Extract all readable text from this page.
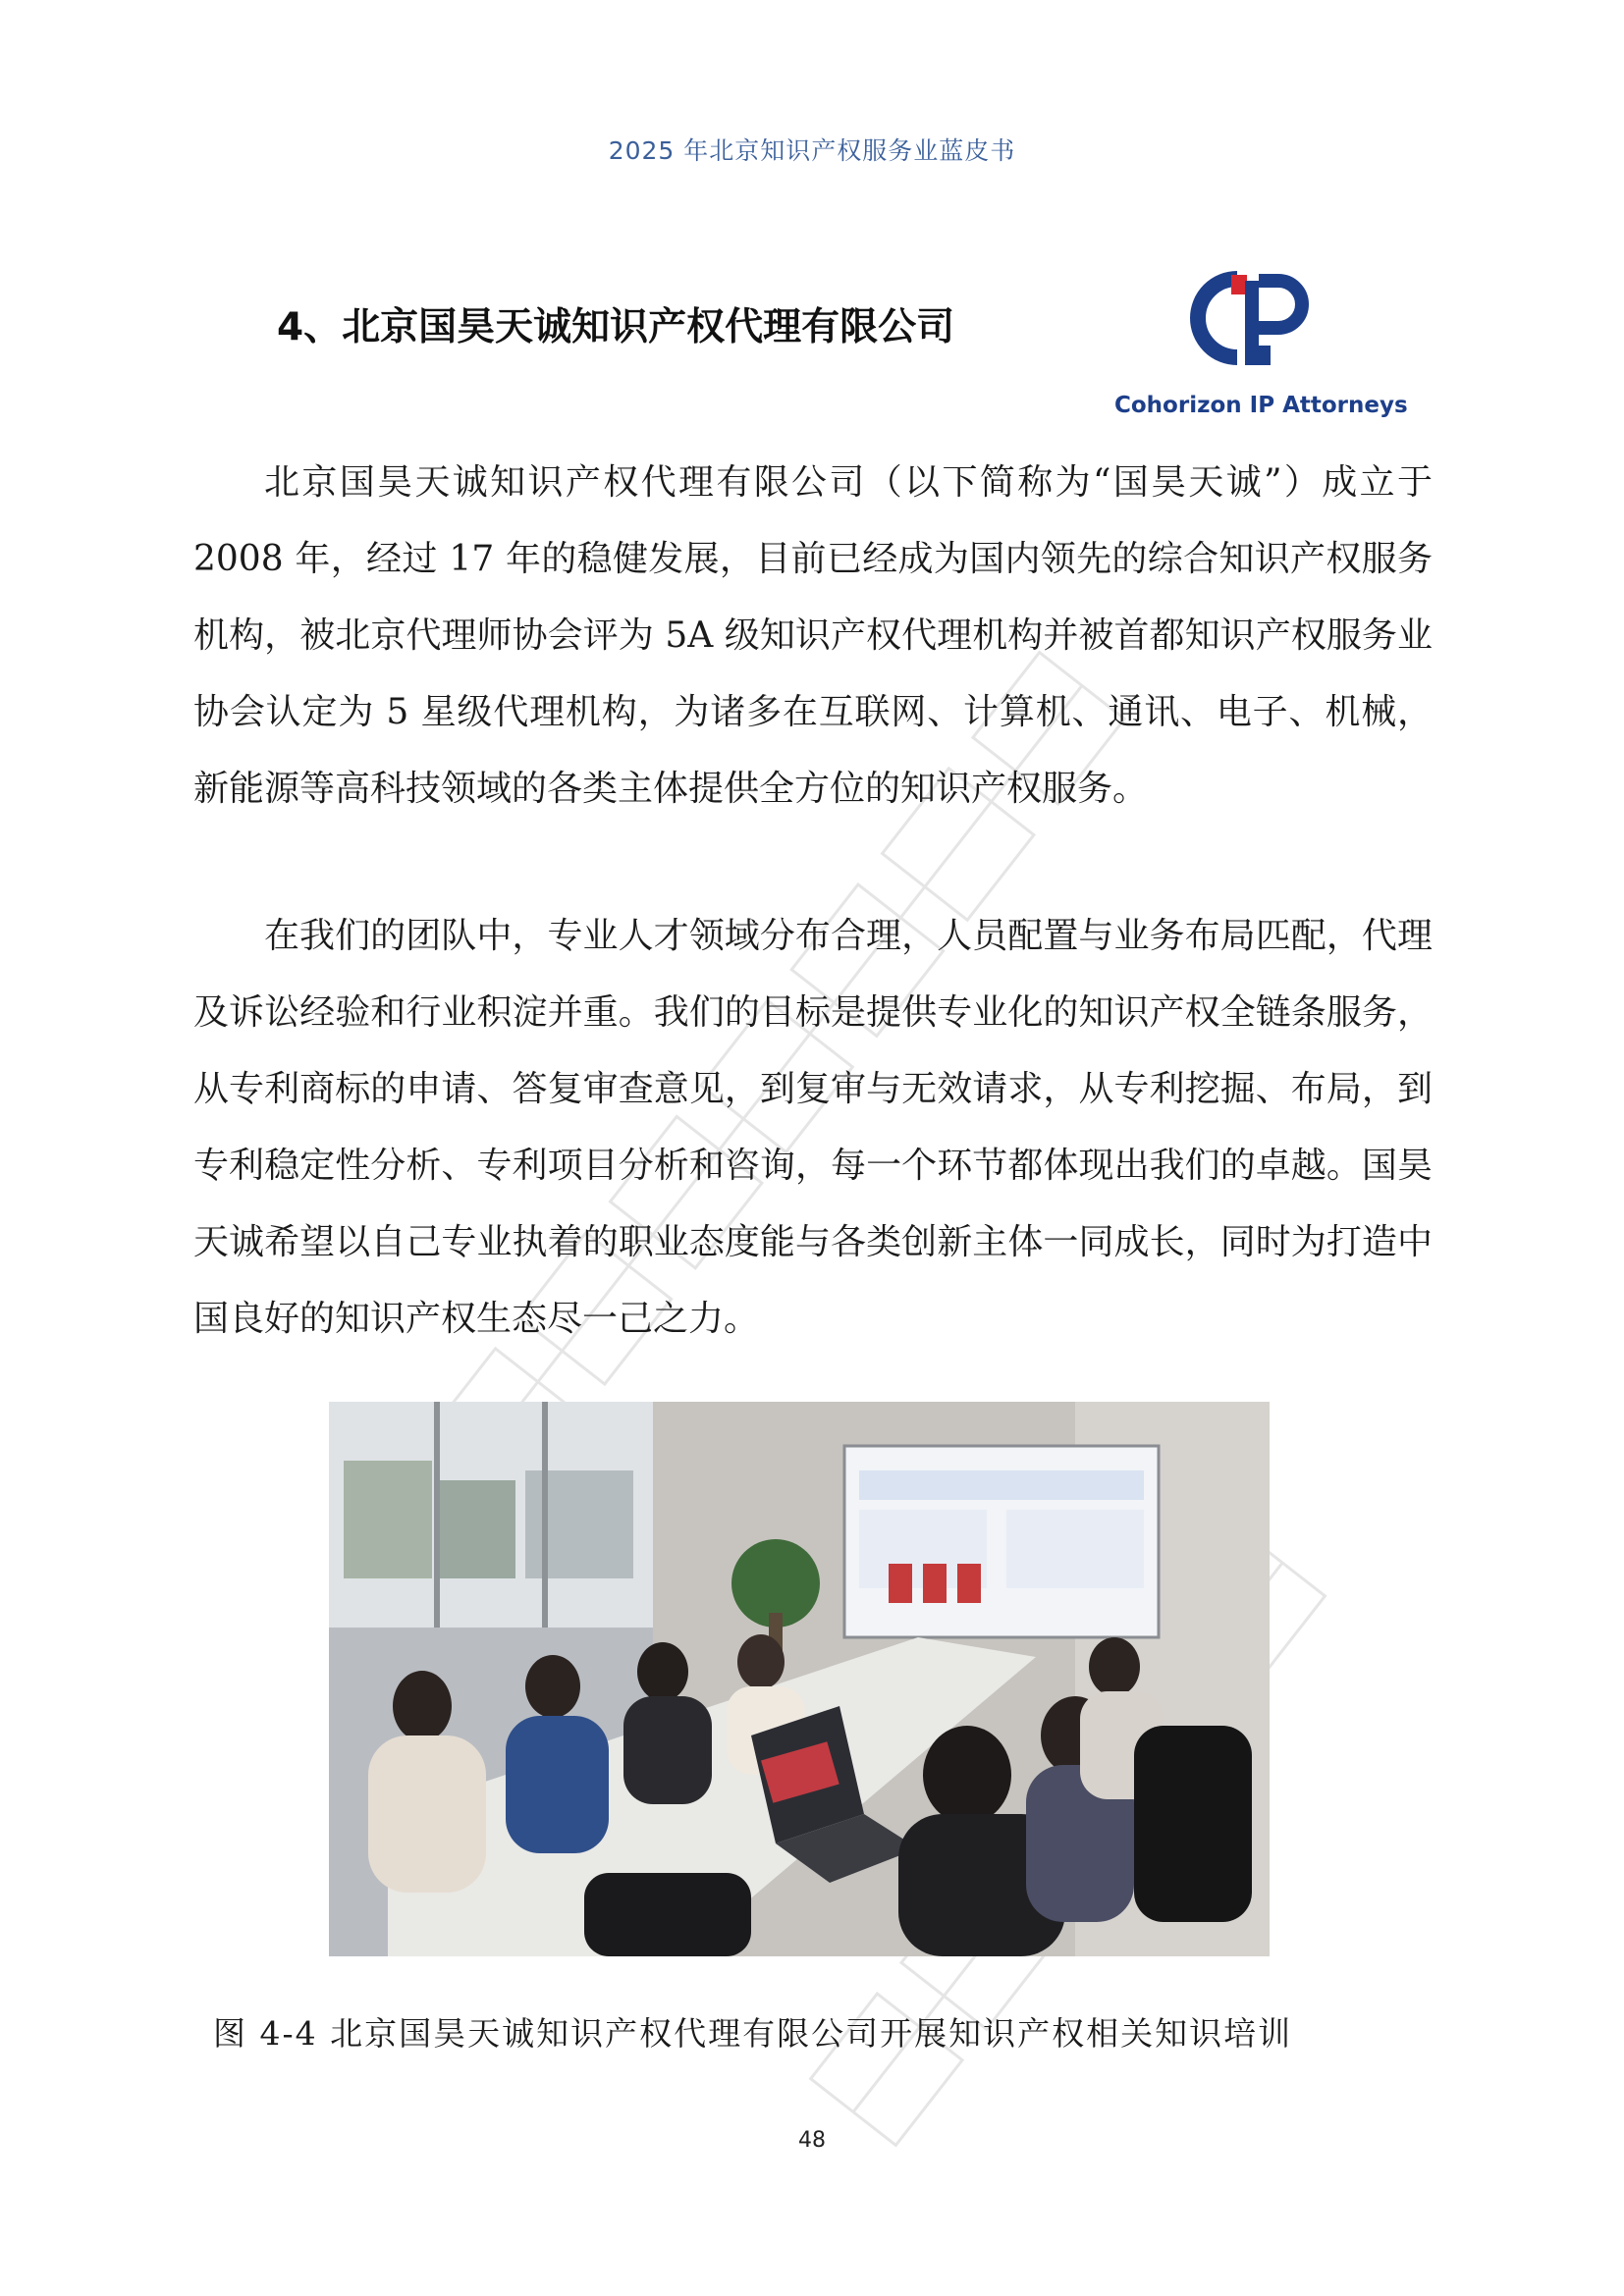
2025 年北京知识产权服务业蓝皮书
4、北京国昊天诚知识产权代理有限公司
Cohorizon IP Attorneys

北京国昊天诚知识产权代理有限公司（以下简称为“国昊天诚”）成立于 2008 年，经过 17 年的稳健发展，目前已经成为国内领先的综合知识产权服务机构，被北京代理师协会评为 5A 级知识产权代理机构并被首都知识产权服务业协会认定为 5 星级代理机构，为诸多在互联网、计算机、通讯、电子、机械，新能源等高科技领域的各类主体提供全方位的知识产权服务。

在我们的团队中，专业人才领域分布合理，人员配置与业务布局匹配，代理及诉讼经验和行业积淀并重。我们的目标是提供专业化的知识产权全链条服务，从专利商标的申请、答复审查意见，到复审与无效请求，从专利挖掘、布局，到专利稳定性分析、专利项目分析和咨询，每一个环节都体现出我们的卓越。国昊天诚希望以自己专业执着的职业态度能与各类创新主体一同成长，同时为打造中国良好的知识产权生态尽一己之力。

图 4-4 北京国昊天诚知识产权代理有限公司开展知识产权相关知识培训
48
